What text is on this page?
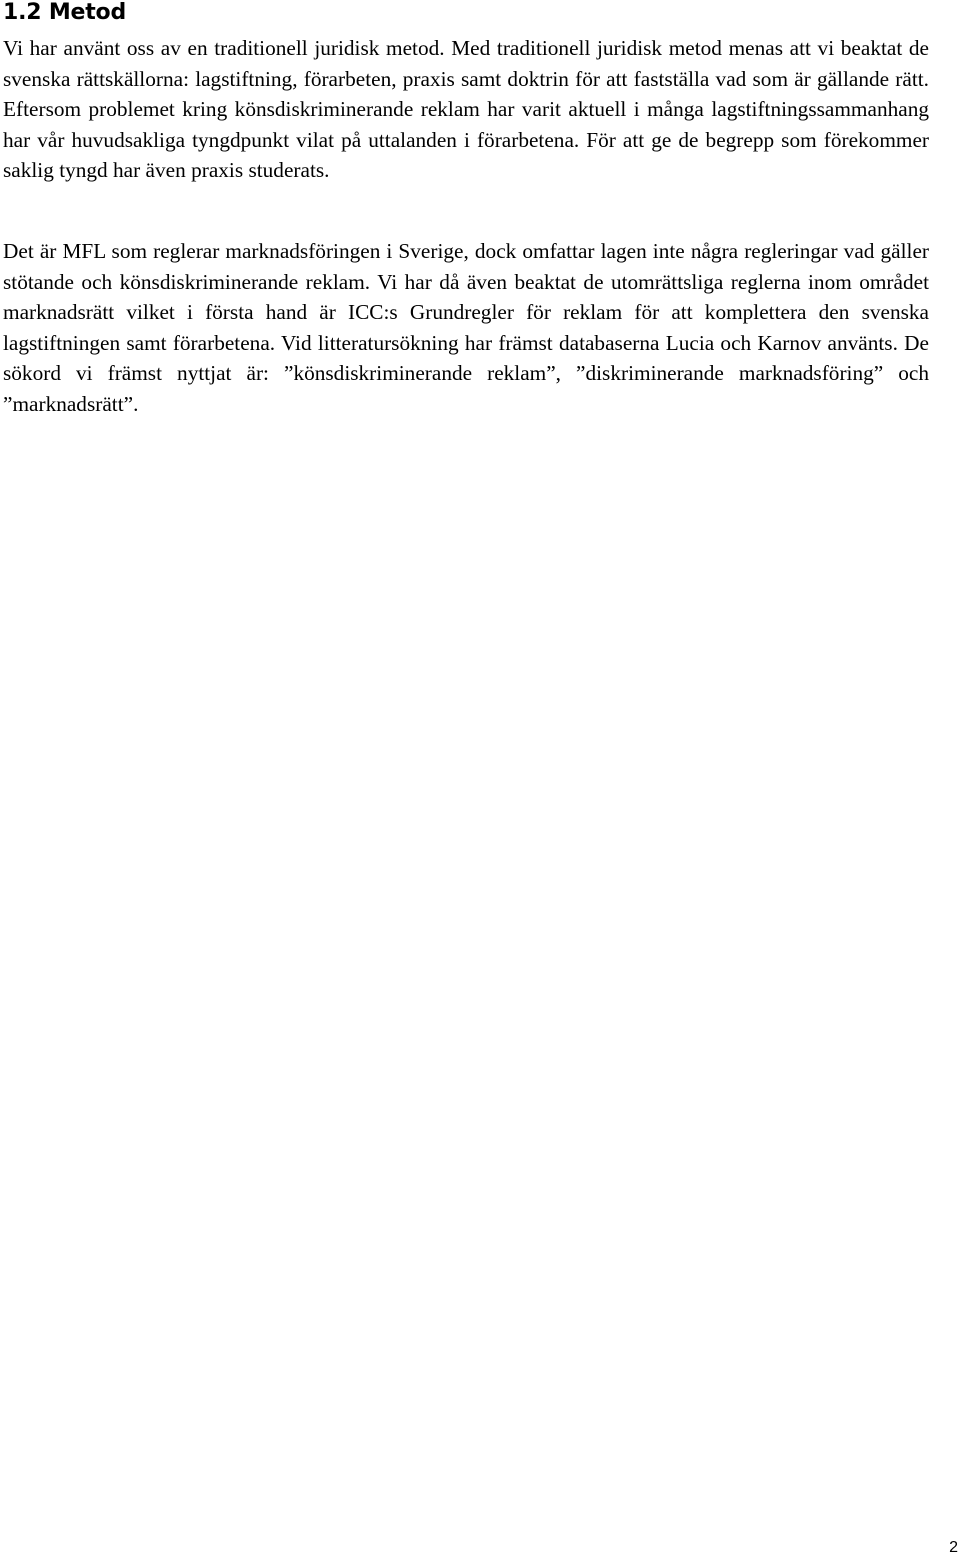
1.2 Metod

Vi har använt oss av en traditionell juridisk metod. Med traditionell juridisk metod menas att vi beaktat de svenska rättskällorna: lagstiftning, förarbeten, praxis samt doktrin för att fastställa vad som är gällande rätt. Eftersom problemet kring könsdiskriminerande reklam har varit aktuell i många lagstiftningssammanhang har vår huvudsakliga tyngdpunkt vilat på uttalanden i förarbetena. För att ge de begrepp som förekommer saklig tyngd har även praxis studerats.

Det är MFL som reglerar marknadsföringen i Sverige, dock omfattar lagen inte några regleringar vad gäller stötande och könsdiskriminerande reklam. Vi har då även beaktat de utomrättsliga reglerna inom området marknadsrätt vilket i första hand är ICC:s Grundregler för reklam för att komplettera den svenska lagstiftningen samt förarbetena. Vid litteratursökning har främst databaserna Lucia och Karnov använts. De sökord vi främst nyttjat är: ”könsdiskriminerande reklam”, ”diskriminerande marknadsföring” och ”marknadsrätt”.

2
